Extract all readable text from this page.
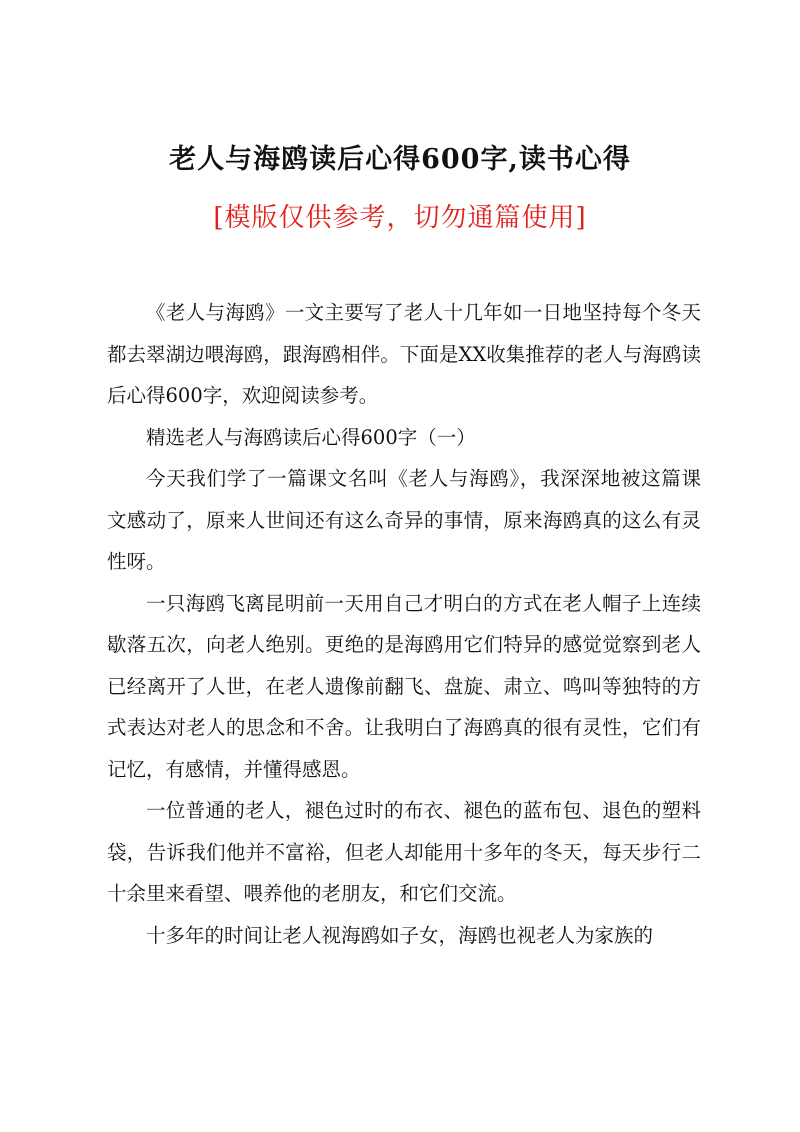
老人与海鸥读后心得600字,读书心得
[模版仅供参考，切勿通篇使用]

《老人与海鸥》一文主要写了老人十几年如一日地坚持每个冬天都去翠湖边喂海鸥，跟海鸥相伴。下面是XX收集推荐的老人与海鸥读后心得600字，欢迎阅读参考。

精选老人与海鸥读后心得600字（一）

今天我们学了一篇课文名叫《老人与海鸥》，我深深地被这篇课文感动了，原来人世间还有这么奇异的事情，原来海鸥真的这么有灵性呀。

一只海鸥飞离昆明前一天用自己才明白的方式在老人帽子上连续歇落五次，向老人绝别。更绝的是海鸥用它们特异的感觉觉察到老人已经离开了人世，在老人遗像前翻飞、盘旋、肃立、鸣叫等独特的方式表达对老人的思念和不舍。让我明白了海鸥真的很有灵性，它们有记忆，有感情，并懂得感恩。

一位普通的老人，褪色过时的布衣、褪色的蓝布包、退色的塑料袋，告诉我们他并不富裕，但老人却能用十多年的冬天，每天步行二十余里来看望、喂养他的老朋友，和它们交流。

十多年的时间让老人视海鸥如子女，海鸥也视老人为家族的
